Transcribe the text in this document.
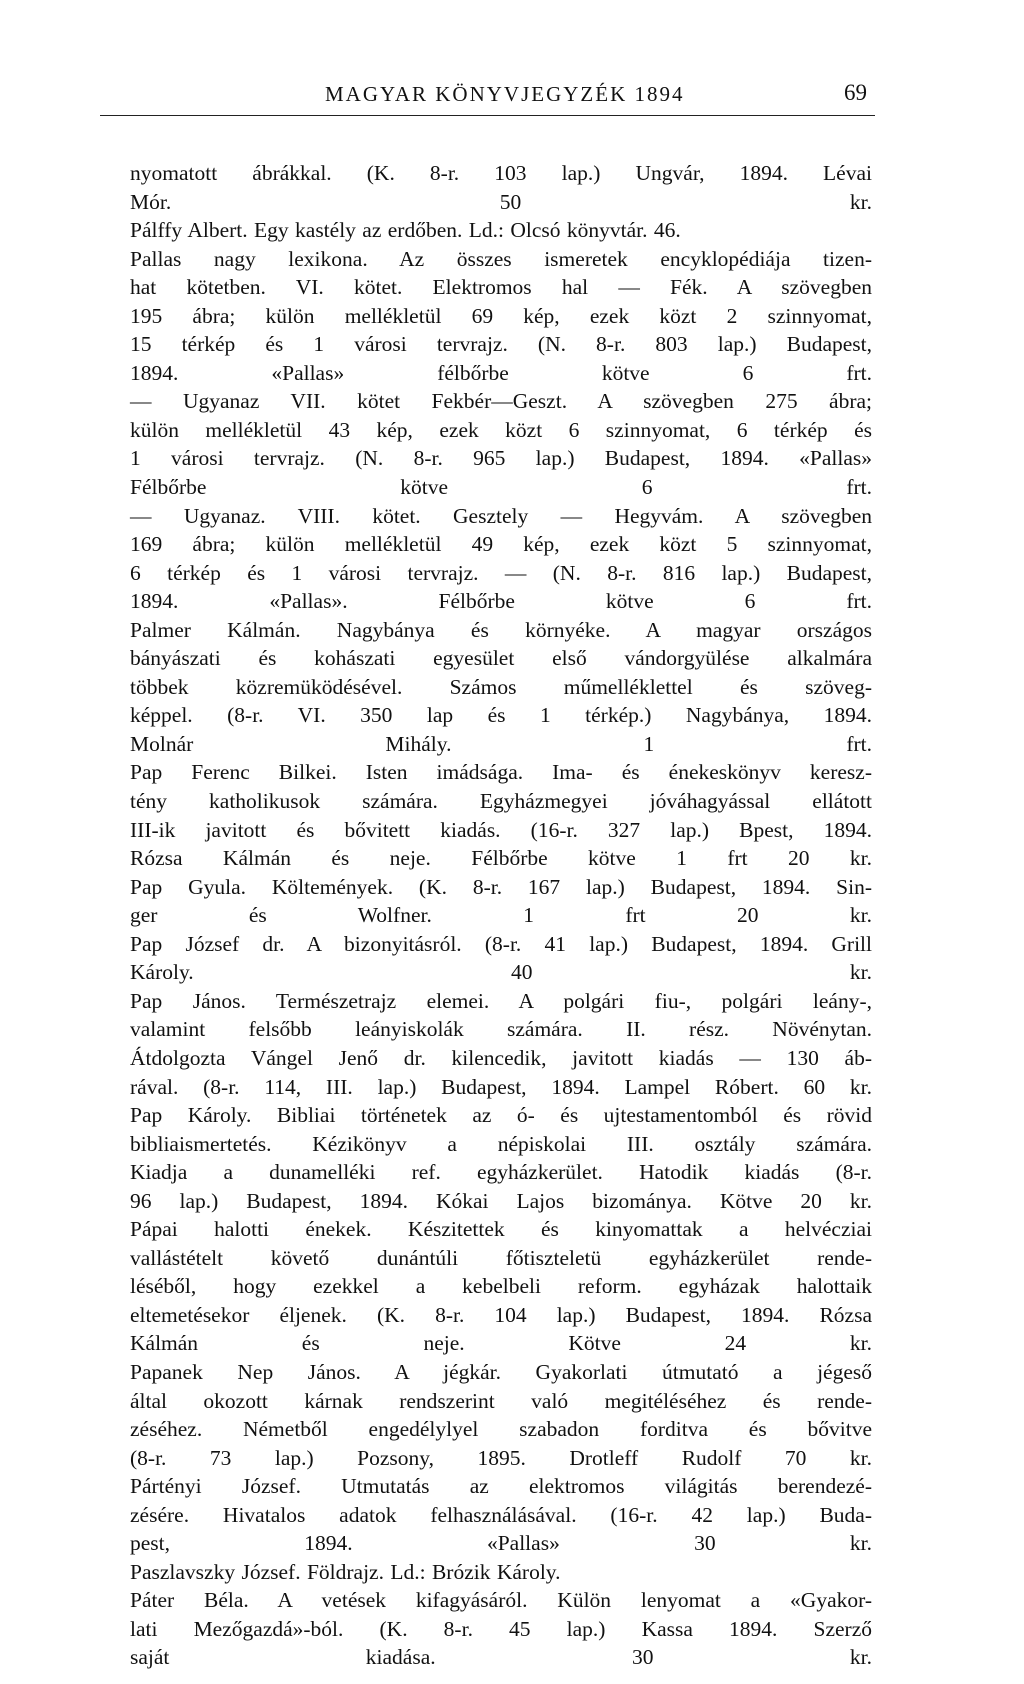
MAGYAR KÖNYVJEGYZÉK 1894	69
nyomatott ábrákkal. (K. 8-r. 103 lap.) Ungvár, 1894. Lévai
Mór. 50 kr.
Pálffy Albert. Egy kastély az erdőben. Ld.: Olcsó könyvtár. 46.
Pallas nagy lexikona. Az összes ismeretek encyklopédiája tizen-
hat kötetben. VI. kötet. Elektromos hal — Fék. A szövegben
195 ábra; külön mellékletül 69 kép, ezek közt 2 szinnyomat,
15 térkép és 1 városi tervrajz. (N. 8-r. 803 lap.) Budapest,
1894. «Pallas» félbőrbe kötve 6 frt.
— Ugyanaz VII. kötet Fekbér—Geszt. A szövegben 275 ábra;
külön mellékletül 43 kép, ezek közt 6 szinnyomat, 6 térkép és
1 városi tervrajz. (N. 8-r. 965 lap.) Budapest, 1894. «Pallas»
Félbőrbe kötve 6 frt.
— Ugyanaz. VIII. kötet. Gesztely — Hegyvám. A szövegben
169 ábra; külön mellékletül 49 kép, ezek közt 5 szinnyomat,
6 térkép és 1 városi tervrajz. — (N. 8-r. 816 lap.) Budapest,
1894. «Pallas». Félbőrbe kötve 6 frt.
Palmer Kálmán. Nagybánya és környéke. A magyar országos
bányászati és kohászati egyesület első vándorgyülése alkalmára
többek közremüködésével. Számos műmelléklettel és szöveg-
képpel. (8-r. VI. 350 lap és 1 térkép.) Nagybánya, 1894.
Molnár Mihály. 1 frt.
Pap Ferenc Bilkei. Isten imádsága. Ima- és énekeskönyv keresz-
tény katholikusok számára. Egyházmegyei jóváhagyással ellátott
III-ik javitott és bővitett kiadás. (16-r. 327 lap.) Bpest, 1894.
Rózsa Kálmán és neje. Félbőrbe kötve 1 frt 20 kr.
Pap Gyula. Költemények. (K. 8-r. 167 lap.) Budapest, 1894. Sin-
ger és Wolfner. 1 frt 20 kr.
Pap József dr. A bizonyitásról. (8-r. 41 lap.) Budapest, 1894. Grill
Károly. 40 kr.
Pap János. Természetrajz elemei. A polgári fiu-, polgári leány-,
valamint felsőbb leányiskolák számára. II. rész. Növénytan.
Átdolgozta Vángel Jenő dr. kilencedik, javitott kiadás — 130 áb-
rával. (8-r. 114, III. lap.) Budapest, 1894. Lampel Róbert. 60 kr.
Pap Károly. Bibliai történetek az ó- és ujtestamentomból és rövid
bibliaismertetés. Kézikönyv a népiskolai III. osztály számára.
Kiadja a dunamelléki ref. egyházkerület. Hatodik kiadás (8-r.
96 lap.) Budapest, 1894. Kókai Lajos bizománya. Kötve 20 kr.
Pápai halotti énekek. Készitettek és kinyomattak a helvécziai
vallástételt követő dunántúli főtiszteletü egyházkerület rende-
léséből, hogy ezekkel a kebelbeli reform. egyházak halottaik
eltemetésekor éljenek. (K. 8-r. 104 lap.) Budapest, 1894. Rózsa
Kálmán és neje. Kötve 24 kr.
Papanek Nep János. A jégkár. Gyakorlati útmutató a jégeső
által okozott kárnak rendszerint való megitéléséhez és rende-
zéséhez. Németből engedélylyel szabadon forditva és bővitve
(8-r. 73 lap.) Pozsony, 1895. Drotleff Rudolf 70 kr.
Pártényi József. Utmutatás az elektromos világitás berendezé-
zésére. Hivatalos adatok felhasználásával. (16-r. 42 lap.) Buda-
pest, 1894. «Pallas» 30 kr.
Paszlavszky József. Földrajz. Ld.: Brózik Károly.
Páter Béla. A vetések kifagyásáról. Külön lenyomat a «Gyakor-
lati Mezőgazdá»-ból. (K. 8-r. 45 lap.) Kassa 1894. Szerző
saját kiadása. 30 kr.
